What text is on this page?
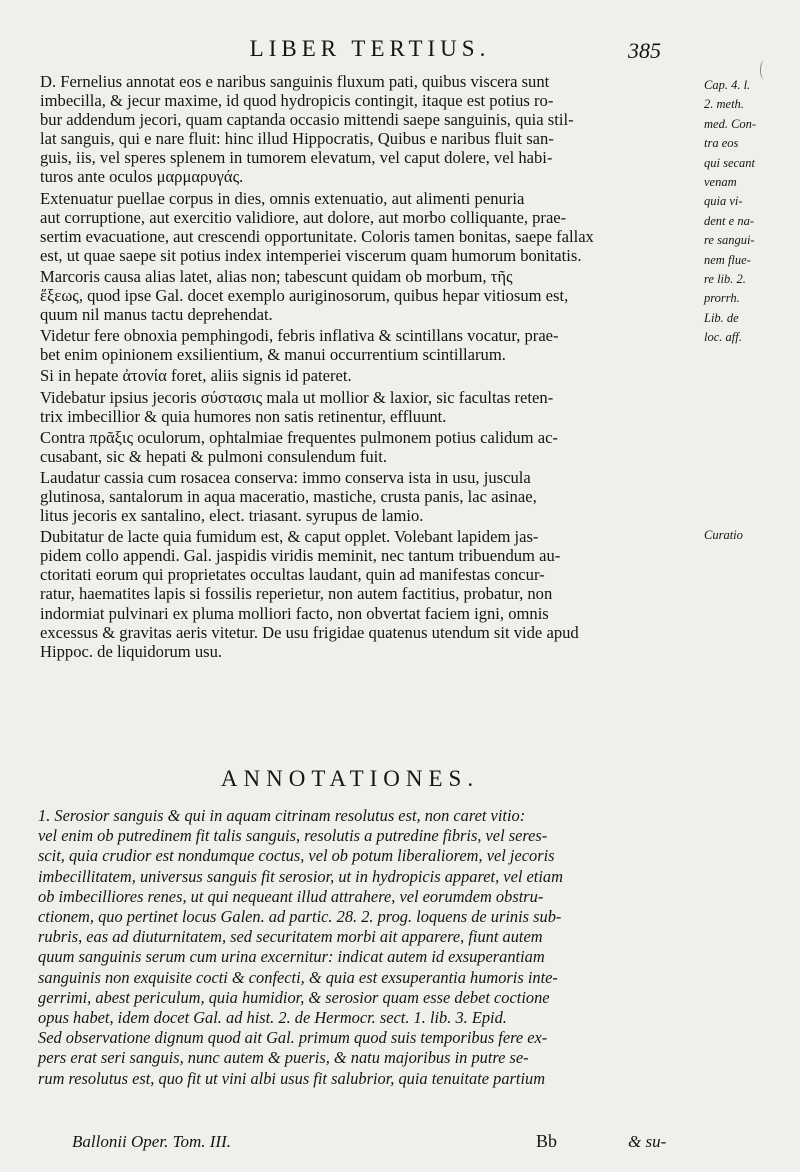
LIBER TERTIUS.	385

D. Fernelius annotat eos e naribus sanguinis fluxum pati, quibus viscera sunt
imbecilla, & jecur maxime, id quod hydropicis contingit, itaque est potius ro-
bur addendum jecori, quam captanda occasio mittendi saepe sanguinis, quia stil-
lat sanguis, qui e nare fluit: hinc illud Hippocratis, Quibus e naribus fluit san-
guis, iis, vel speres splenem in tumorem elevatum, vel caput dolere, vel habi-
turos ante oculos μαρμαρυγάς.

Extenuatur puellae corpus in dies, omnis extenuatio, aut alimenti penuria
aut corruptione, aut exercitio validiore, aut dolore, aut morbo colliquante, prae-
sertim evacuatione, aut crescendi opportunitate. Coloris tamen bonitas, saepe fallax
est, ut quae saepe sit potius index intemperiei viscerum quam humorum bonitatis.

Marcoris causa alias latet, alias non; tabescunt quidam ob morbum, τῆς
ἕξεως, quod ipse Gal. docet exemplo auriginosorum, quibus hepar vitiosum est,
quum nil manus tactu deprehendat.

Videtur fere obnoxia pemphingodi, febris inflativa & scintillans vocatur, prae-
bet enim opinionem exsilientium, & manui occurrentium scintillarum.

Si in hepate ἀτονία foret, aliis signis id pateret.

Videbatur ipsius jecoris σύστασις mala ut mollior & laxior, sic facultas reten-
trix imbecillior & quia humores non satis retinentur, effluunt.

Contra πρᾶξις oculorum, ophtalmiae frequentes pulmonem potius calidum ac-
cusabant, sic & hepati & pulmoni consulendum fuit.

Laudatur cassia cum rosacea conserva: immo conserva ista in usu, juscula
glutinosa, santalorum in aqua maceratio, mastiche, crusta panis, lac asinae,
litus jecoris ex santalino, elect. triasant. syrupus de lamio.

Dubitatur de lacte quia fumidum est, & caput opplet. Volebant lapidem jas-
pidem collo appendi. Gal. jaspidis viridis meminit, nec tantum tribuendum au-
ctoritati eorum qui proprietates occultas laudant, quin ad manifestas concur-
ratur, haematites lapis si fossilis reperietur, non autem factitius, probatur, non
indormiat pulvinari ex pluma molliori facto, non obvertat faciem igni, omnis
excessus & gravitas aeris vitetur. De usu frigidae quatenus utendum sit vide apud
Hippoc. de liquidorum usu.

Cap. 4. l.
2. meth.
med. Con-
tra eos
qui secant
venam
quia vi-
dent e na-
re sangui-
nem flue-
re lib. 2.
prorrh.
Lib. de
loc. aff.
Curatio
ANNOTATIONES.

1. Serosior sanguis & qui in aquam citrinam resolutus est, non caret vitio:
vel enim ob putredinem fit talis sanguis, resolutis a putredine fibris, vel seres-
scit, quia crudior est nondumque coctus, vel ob potum liberaliorem, vel jecoris
imbecillitatem, universus sanguis fit serosior, ut in hydropicis apparet, vel etiam
ob imbecilliores renes, ut qui nequeant illud attrahere, vel eorumdem obstru-
ctionem, quo pertinet locus Galen. ad partic. 28. 2. prog. loquens de urinis sub-
rubris, eas ad diuturnitatem, sed securitatem morbi ait apparere, fiunt autem
quum sanguinis serum cum urina excernitur: indicat autem id exsuperantiam
sanguinis non exquisite cocti & confecti, & quia est exsuperantia humoris inte-
gerrimi, abest periculum, quia humidior, & serosior quam esse debet coctione
opus habet, idem docet Gal. ad hist. 2. de Hermocr. sect. 1. lib. 3. Epid.

Sed observatione dignum quod ait Gal. primum quod suis temporibus fere ex-
pers erat seri sanguis, nunc autem & pueris, & natu majoribus in putre se-
rum resolutus est, quo fit ut vini albi usus fit salubrior, quia tenuitate partium

Ballonii Oper. Tom. III.	Bb	& su-
